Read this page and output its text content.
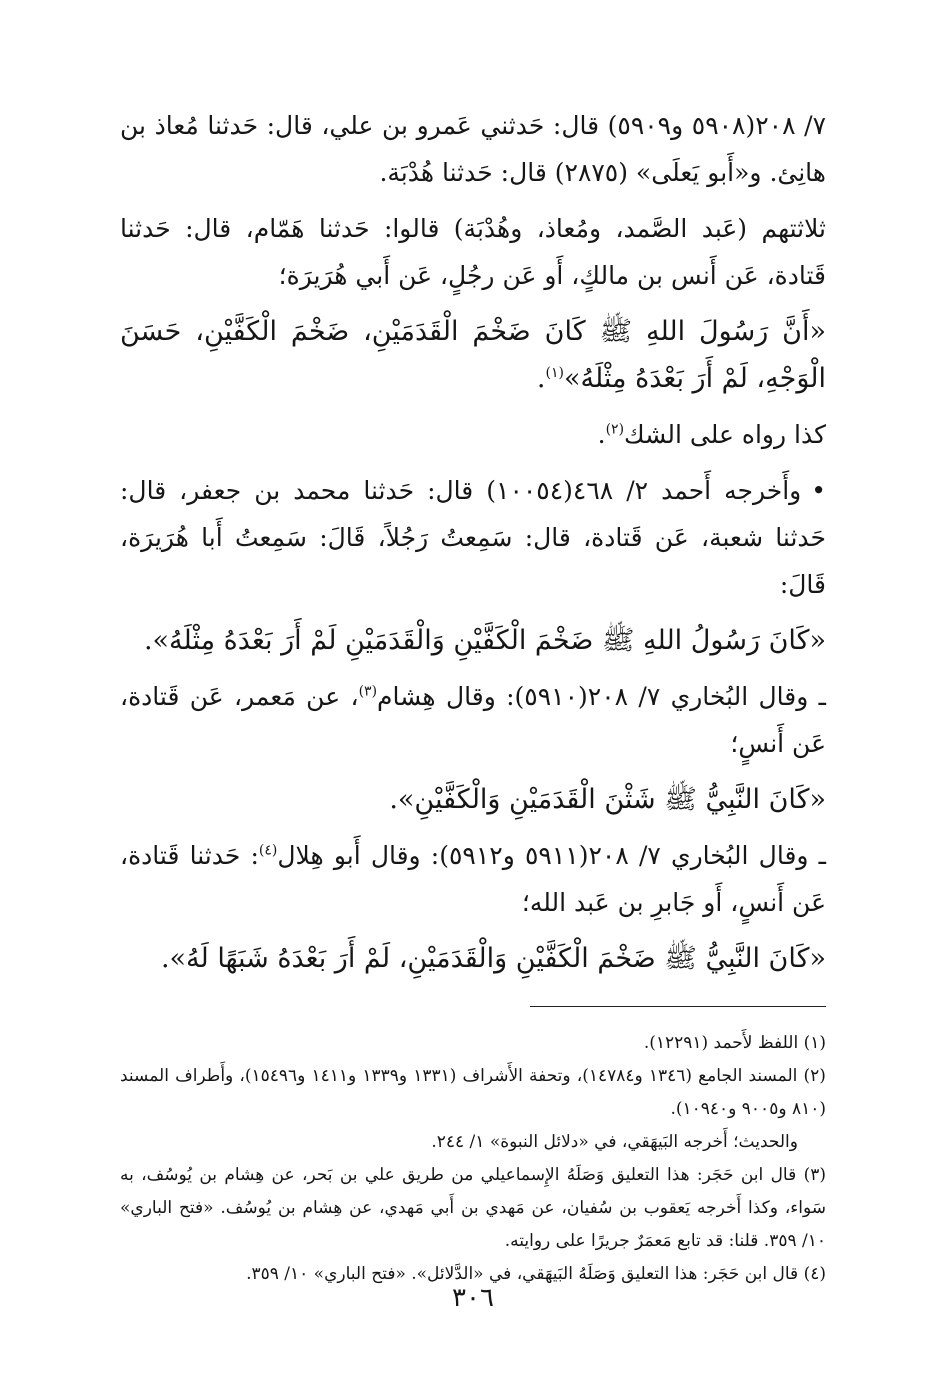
٧/ ٢٠٨(٥٩٠٨ و٥٩٠٩) قال: حَدثني عَمرو بن علي، قال: حَدثنا مُعاذ بن هانِئ. و«أَبو يَعلَى» (٢٨٧٥) قال: حَدثنا هُدْبَة.

ثلاثتهم (عَبد الصَّمد، ومُعاذ، وهُدْبَة) قالوا: حَدثنا هَمّام، قال: حَدثنا قَتادة، عَن أَنس بن مالكٍ، أَو عَن رجُلٍ، عَن أَبي هُرَيرَة؛

«أَنَّ رَسُولَ اللهِ ﷺ كَانَ ضَخْمَ الْقَدَمَيْنِ، ضَخْمَ الْكَفَّيْنِ، حَسَنَ الْوَجْهِ، لَمْ أَرَ بَعْدَهُ مِثْلَهُ»$^{(١)}$.

كذا رواه على الشك$^{(٢)}$.

•وأَخرجه أَحمد ٢/ ٤٦٨(١٠٠٥٤) قال: حَدثنا محمد بن جعفر، قال: حَدثنا شعبة، عَن قَتادة، قال: سَمِعتُ رَجُلاً، قَالَ: سَمِعتُ أَبا هُرَيرَة، قَالَ:

«كَانَ رَسُولُ اللهِ ﷺ ضَخْمَ الْكَفَّيْنِ وَالْقَدَمَيْنِ لَمْ أَرَ بَعْدَهُ مِثْلَهُ».

ـ وقال البُخاري ٧/ ٢٠٨(٥٩١٠): وقال هِشام$^{(٣)}$، عن مَعمر، عَن قَتادة، عَن أَنسٍ؛

«كَانَ النَّبِيُّ ﷺ شَثْنَ الْقَدَمَيْنِ وَالْكَفَّيْنِ».

ـ وقال البُخاري ٧/ ٢٠٨(٥٩١١ و٥٩١٢): وقال أَبو هِلال$^{(٤)}$: حَدثنا قَتادة، عَن أَنسٍ، أَو جَابرِ بن عَبد الله؛

«كَانَ النَّبِيُّ ﷺ ضَخْمَ الْكَفَّيْنِ وَالْقَدَمَيْنِ، لَمْ أَرَ بَعْدَهُ شَبَهًا لَهُ».

(١) اللفظ لأَحمد (١٢٢٩١).

(٢) المسند الجامع (١٣٤٦ و١٤٧٨٤)، وتحفة الأَشراف (١٣٣١ و١٣٣٩ و١٤١١ و١٥٤٩٦)، وأَطراف المسند (٨١٠ و٩٠٠٥ و١٠٩٤٠).

والحديث؛ أَخرجه البَيهَقي، في «دلائل النبوة» ١/ ٢٤٤.

(٣) قال ابن حَجَر: هذا التعليق وَصَلَهُ الإِسماعيلي من طريق علي بن بَحر، عن هِشام بن يُوسُف، به سَواء، وكذا أَخرجه يَعقوب بن سُفيان، عن مَهدي بن أَبي مَهدي، عن هِشام بن يُوسُف. «فتح الباري» ١٠/ ٣٥٩. قلنا: قد تابع مَعمَرٌ جريرًا على روايته.

(٤) قال ابن حَجَر: هذا التعليق وَصَلَهُ البَيهَقي، في «الدَّلائل». «فتح الباري» ١٠/ ٣٥٩.

٣٠٦
